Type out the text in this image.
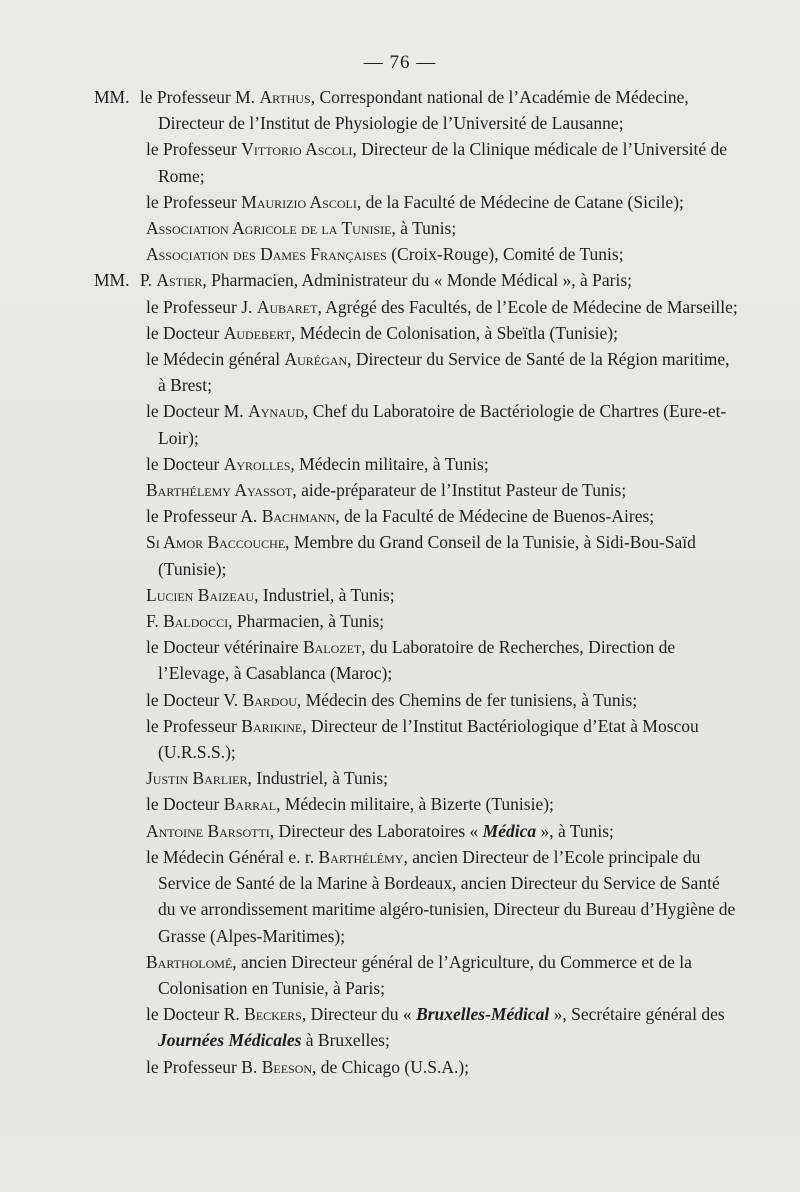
— 76 —
MM. le Professeur M. Arthus, Correspondant national de l’Académie de Médecine, Directeur de l’Institut de Physiologie de l’Université de Lausanne;
le Professeur Vittorio Ascoli, Directeur de la Clinique médicale de l’Université de Rome;
le Professeur Maurizio Ascoli, de la Faculté de Médecine de Catane (Sicile);
Association Agricole de la Tunisie, à Tunis;
Association des Dames Françaises (Croix-Rouge), Comité de Tunis;
MM. P. Astier, Pharmacien, Administrateur du « Monde Médical », à Paris;
le Professeur J. Aubaret, Agrégé des Facultés, de l’Ecole de Médecine de Marseille;
le Docteur Audebert, Médecin de Colonisation, à Sbeïtla (Tunisie);
le Médecin général Aurégan, Directeur du Service de Santé de la Région maritime, à Brest;
le Docteur M. Aynaud, Chef du Laboratoire de Bactériologie de Chartres (Eure-et-Loir);
le Docteur Ayrolles, Médecin militaire, à Tunis;
Barthélemy Ayassot, aide-préparateur de l’Institut Pasteur de Tunis;
le Professeur A. Bachmann, de la Faculté de Médecine de Buenos-Aires;
Si Amor Baccouche, Membre du Grand Conseil de la Tunisie, à Sidi-Bou-Saïd (Tunisie);
Lucien Baizeau, Industriel, à Tunis;
F. Baldocci, Pharmacien, à Tunis;
le Docteur vétérinaire Balozet, du Laboratoire de Recherches, Direction de l’Elevage, à Casablanca (Maroc);
le Docteur V. Bardou, Médecin des Chemins de fer tunisiens, à Tunis;
le Professeur Barikine, Directeur de l’Institut Bactériologique d’Etat à Moscou (U.R.S.S.);
Justin Barlier, Industriel, à Tunis;
le Docteur Barral, Médecin militaire, à Bizerte (Tunisie);
Antoine Barsotti, Directeur des Laboratoires « Médica », à Tunis;
le Médecin Général e. r. Barthélémy, ancien Directeur de l’Ecole principale du Service de Santé de la Marine à Bordeaux, ancien Directeur du Service de Santé du ve arrondissement maritime algéro-tunisien, Directeur du Bureau d’Hygiène de Grasse (Alpes-Maritimes);
Bartholomé, ancien Directeur général de l’Agriculture, du Commerce et de la Colonisation en Tunisie, à Paris;
le Docteur R. Beckers, Directeur du « Bruxelles-Médical », Secrétaire général des Journées Médicales à Bruxelles;
le Professeur B. Beeson, de Chicago (U.S.A.);
